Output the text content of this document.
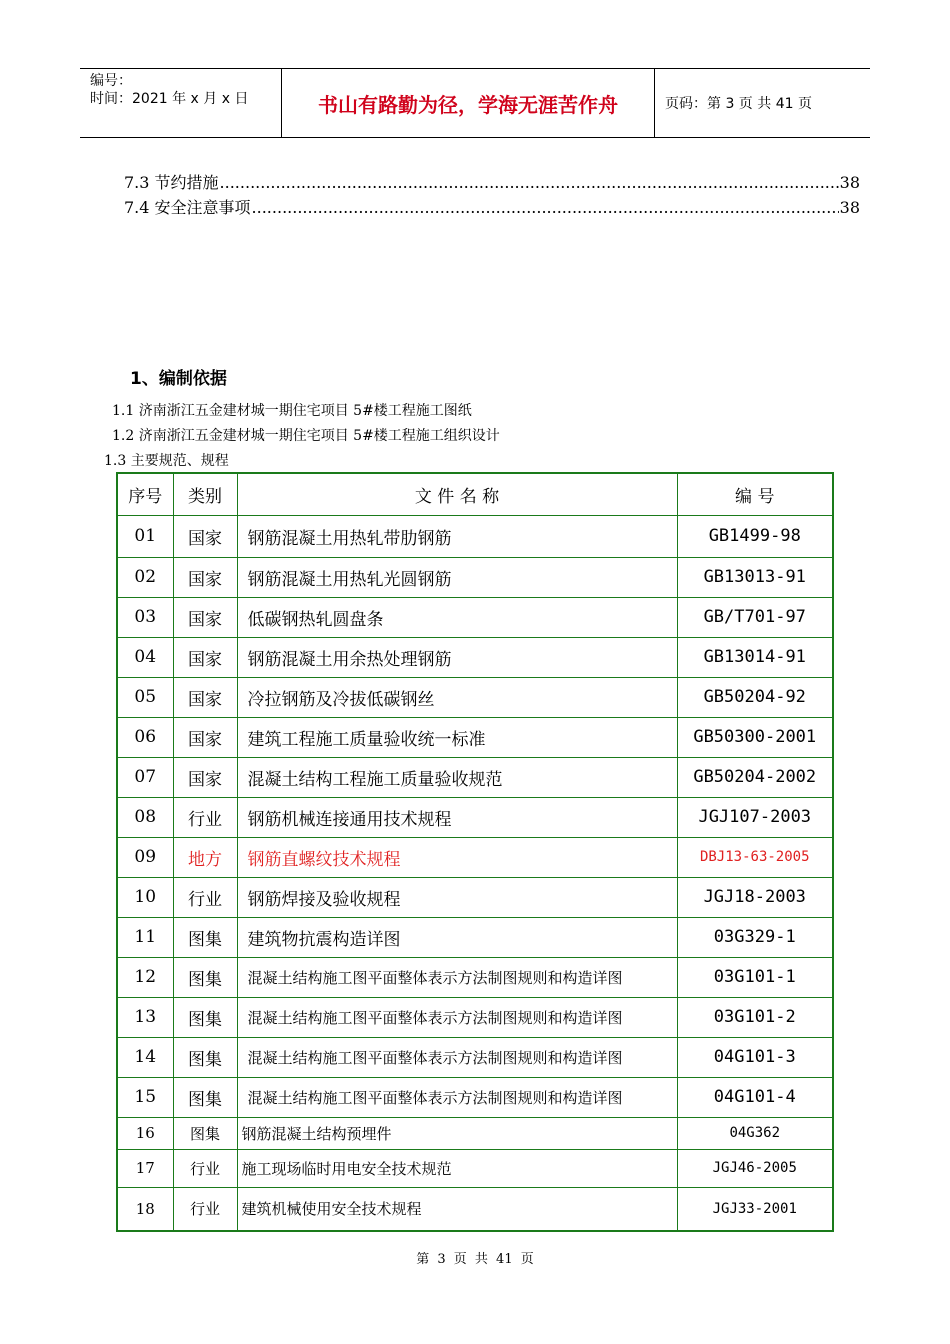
编号：
时间：2021 年 x 月 x 日	书山有路勤为径，学海无涯苦作舟	页码：第 3 页 共 41 页
7.3 节约措施 .....	38
7.4 安全注意事项 .....	38
1、编制依据
1.1 济南浙江五金建材城一期住宅项目 5#楼工程施工图纸
1.2 济南浙江五金建材城一期住宅项目 5#楼工程施工组织设计
1.3 主要规范、规程
序号	类别	文 件 名 称	编 号
01	国家	钢筋混凝土用热轧带肋钢筋	GB1499-98
02	国家	钢筋混凝土用热轧光圆钢筋	GB13013-91
03	国家	低碳钢热轧圆盘条	GB/T701-97
04	国家	钢筋混凝土用余热处理钢筋	GB13014-91
05	国家	冷拉钢筋及冷拔低碳钢丝	GB50204-92
06	国家	建筑工程施工质量验收统一标准	GB50300-2001
07	国家	混凝土结构工程施工质量验收规范	GB50204-2002
08	行业	钢筋机械连接通用技术规程	JGJ107-2003
09	地方	钢筋直螺纹技术规程	DBJ13-63-2005
10	行业	钢筋焊接及验收规程	JGJ18-2003
11	图集	建筑物抗震构造详图	03G329-1
12	图集	混凝土结构施工图平面整体表示方法制图规则和构造详图	03G101-1
13	图集	混凝土结构施工图平面整体表示方法制图规则和构造详图	03G101-2
14	图集	混凝土结构施工图平面整体表示方法制图规则和构造详图	04G101-3
15	图集	混凝土结构施工图平面整体表示方法制图规则和构造详图	04G101-4
16	图集	钢筋混凝土结构预埋件	04G362
17	行业	施工现场临时用电安全技术规范	JGJ46-2005
18	行业	建筑机械使用安全技术规程	JGJ33-2001
第 3 页 共 41 页
